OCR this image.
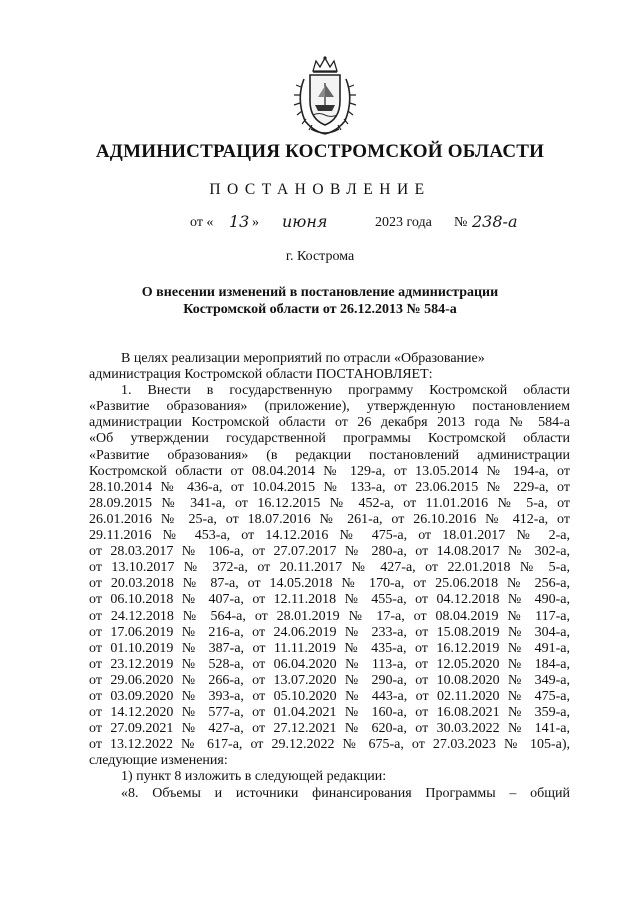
АДМИНИСТРАЦИЯ КОСТРОМСКОЙ ОБЛАСТИ
ПОСТАНОВЛЕНИЕ
от « 13 » июня	2023 года № 238-а
г. Кострома
О внесении изменений в постановление администрации
Костромской области от 26.12.2013 № 584-а
В целях реализации мероприятий по отрасли «Образование»
администрация Костромской области ПОСТАНОВЛЯЕТ:
1. Внести в государственную программу Костромской области
«Развитие образования» (приложение), утвержденную постановлением
администрации Костромской области от 26 декабря 2013 года № 584-а
«Об утверждении государственной программы Костромской области
«Развитие образования» (в редакции постановлений администрации
Костромской области от 08.04.2014 № 129-а, от 13.05.2014 № 194-а, от
28.10.2014 № 436-а, от 10.04.2015 № 133-а, от 23.06.2015 № 229-а, от
28.09.2015 № 341-а, от 16.12.2015 № 452-а, от 11.01.2016 № 5-а, от
26.01.2016 № 25-а, от 18.07.2016 № 261-а, от 26.10.2016 № 412-а, от
29.11.2016 № 453-а, от 14.12.2016 № 475-а, от 18.01.2017 № 2-а,
от 28.03.2017 № 106-а, от 27.07.2017 № 280-а, от 14.08.2017 № 302-а,
от 13.10.2017 № 372-а, от 20.11.2017 № 427-а, от 22.01.2018 № 5-а,
от 20.03.2018 № 87-а, от 14.05.2018 № 170-а, от 25.06.2018 № 256-а,
от 06.10.2018 № 407-а, от 12.11.2018 № 455-а, от 04.12.2018 № 490-а,
от 24.12.2018 № 564-а, от 28.01.2019 № 17-а, от 08.04.2019 № 117-а,
от 17.06.2019 № 216-а, от 24.06.2019 № 233-а, от 15.08.2019 № 304-а,
от 01.10.2019 № 387-а, от 11.11.2019 № 435-а, от 16.12.2019 № 491-а,
от 23.12.2019 № 528-а, от 06.04.2020 № 113-а, от 12.05.2020 № 184-а,
от 29.06.2020 № 266-а, от 13.07.2020 № 290-а, от 10.08.2020 № 349-а,
от 03.09.2020 № 393-а, от 05.10.2020 № 443-а, от 02.11.2020 № 475-а,
от 14.12.2020 № 577-а, от 01.04.2021 № 160-а, от 16.08.2021 № 359-а,
от 27.09.2021 № 427-а, от 27.12.2021 № 620-а, от 30.03.2022 № 141-а,
от 13.12.2022 № 617-а, от 29.12.2022 № 675-а, от 27.03.2023 № 105-а),
следующие изменения:
1) пункт 8 изложить в следующей редакции:
«8. Объемы и источники финансирования Программы – общий
